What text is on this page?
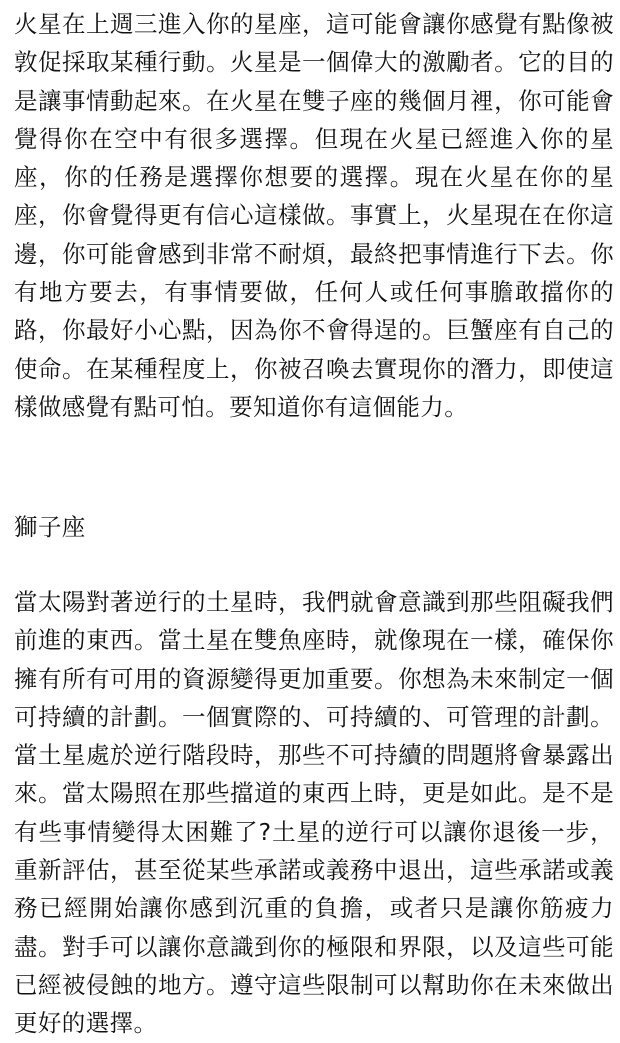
火星在上週三進入你的星座，這可能會讓你感覺有點像被敦促採取某種行動。火星是一個偉大的激勵者。它的目的是讓事情動起來。在火星在雙子座的幾個月裡，你可能會覺得你在空中有很多選擇。但現在火星已經進入你的星座，你的任務是選擇你想要的選擇。現在火星在你的星座，你會覺得更有信心這樣做。事實上，火星現在在你這邊，你可能會感到非常不耐煩，最終把事情進行下去。你有地方要去，有事情要做，任何人或任何事膽敢擋你的路，你最好小心點，因為你不會得逞的。巨蟹座有自己的使命。在某種程度上，你被召喚去實現你的潛力，即使這樣做感覺有點可怕。要知道你有這個能力。

獅子座

當太陽對著逆行的土星時，我們就會意識到那些阻礙我們前進的東西。當土星在雙魚座時，就像現在一樣，確保你擁有所有可用的資源變得更加重要。你想為未來制定一個可持續的計劃。一個實際的、可持續的、可管理的計劃。當土星處於逆行階段時，那些不可持續的問題將會暴露出來。當太陽照在那些擋道的東西上時，更是如此。是不是有些事情變得太困難了?土星的逆行可以讓你退後一步，重新評估，甚至從某些承諾或義務中退出，這些承諾或義務已經開始讓你感到沉重的負擔，或者只是讓你筋疲力盡。對手可以讓你意識到你的極限和界限，以及這些可能已經被侵蝕的地方。遵守這些限制可以幫助你在未來做出更好的選擇。
